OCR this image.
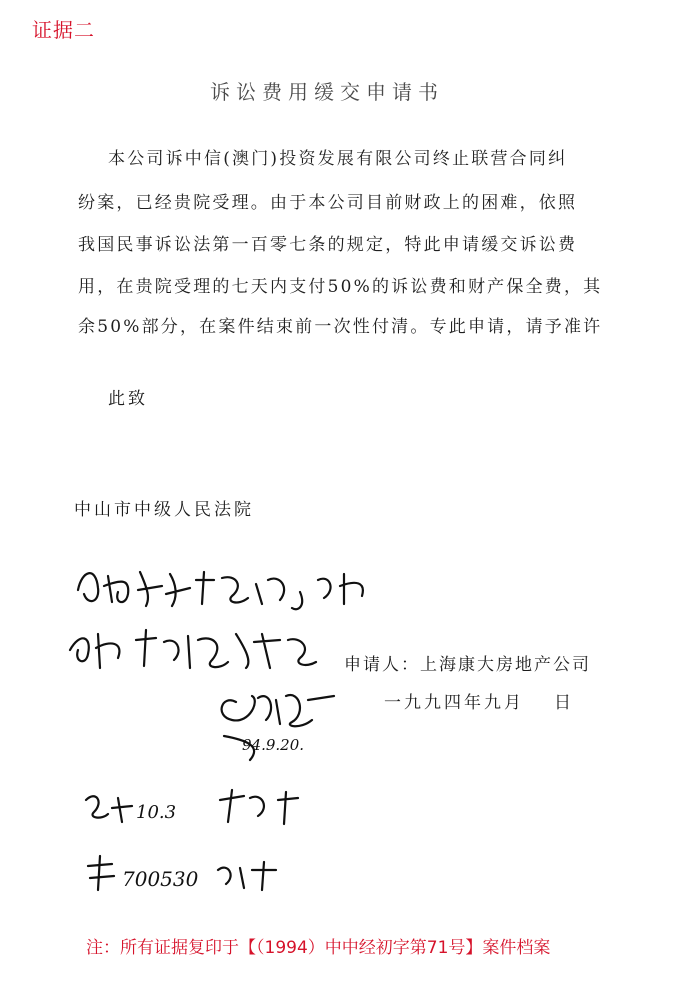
证据二
诉讼费用缓交申请书
本公司诉中信(澳门)投资发展有限公司终止联营合同纠
纷案，已经贵院受理。由于本公司目前财政上的困难，依照
我国民事诉讼法第一百零七条的规定，特此申请缓交诉讼费
用，在贵院受理的七天内支付50%的诉讼费和财产保全费，其
余50%部分，在案件结束前一次性付清。专此申请，请予准许
此致
中山市中级人民法院
94.9.20.
10.3
700530
申请人：上海康大房地产公司
一九九四年九月 日
注：所有证据复印于【（1994）中中经初字第71号】案件档案
